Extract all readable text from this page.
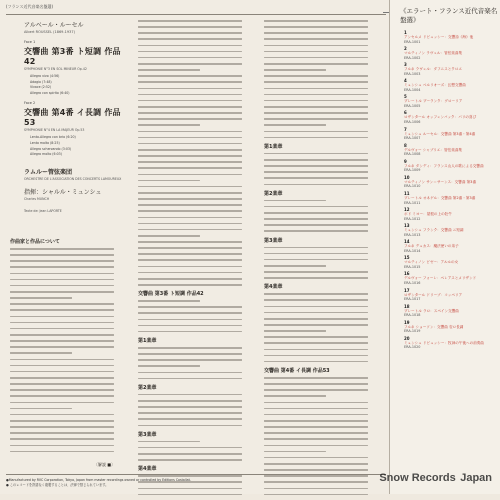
(フランス近代音楽名盤選)
アルベール・ルーセル
Albert ROUSSEL (1869-1937)
Face 1
交響曲 第3番 ト短調 作品42
SYMPHONIE N°3 EN SOL MINEUR Op.42
Allegro vivo (4:56)
Adagio (7:48)
Vivace (2:52)
Allegro con spirito (6:40)
Face 2
交響曲 第4番 イ長調 作品53
SYMPHONIE N°4 EN LA MAJEUR Op.53
Lento-Allegro con brio (6:20)
Lento molto (8:25)
Allegro scherzando (3:03)
Allegro molto (6:03)
ラムルー管弦楽団
ORCHESTRE DE L'ASSOCIATION DES CONCERTS LAMOUREUX
指揮：シャルル・ミュンシュ
Charles MUNCH
Texte de: Jean LAPORTE
作曲家と作品について
交響曲 第3番 ト短調 作品42
第1楽章
第2楽章
第3楽章
第4楽章
第1楽章
第2楽章
第3楽章
第4楽章
交響曲 第4番 イ長調 作品53
〔解説 ■〕
●Manufactured by RVC Corporation, Tokyo, Japan from master recordings owned or controlled by Editions Costallat.
● このレコードを許諾なく複製することは、法律で禁じられています。
《エラート・フランス近代音楽名盤選》
1
アンセルメ ドビュッシー：交響詩《海》他
ERA-1001
2
マルティノン ラヴェル：管弦楽曲集
ERA-1002
3
フルネ ラヴェル：ダフニスとクロエ
ERA-1003
4
ミュンシュ ベルリオーズ：幻想交響曲
ERA-1004
5
プレートル プーランク：グローリア
ERA-1005
6
ロザンタール オッフェンバック：パリの喜び
ERA-1006
7
ミュンシュ ルーセル：交響曲 第3番・第4番
ERA-1007
8
デルヴォー シャブリエ：管弦楽曲集
ERA-1008
9
フルネ ダンディ：フランス山人の歌による交響曲
ERA-1009
10
マルティノン サン＝サーンス：交響曲 第3番
ERA-1010
11
プレートル オネゲル：交響曲 第2番・第3番
ERA-1011
12
ボド ミヨー：屋根の上の牡牛
ERA-1012
13
ミュンシュ フランク：交響曲 ニ短調
ERA-1013
14
フルネ デュカス：魔法使いの弟子
ERA-1014
15
マルティノン ビゼー：アルルの女
ERA-1015
16
デルヴォー フォーレ：ペレアスとメリザンド
ERA-1016
17
ロザンタール ドリーブ：コッペリア
ERA-1017
18
プレートル ラロ：スペイン交響曲
ERA-1018
19
フルネ ショーソン：交響曲 変ロ長調
ERA-1019
20
ミュンシュ ドビュッシー：牧神の午後への前奏曲
ERA-1020
Snow Records Japan
